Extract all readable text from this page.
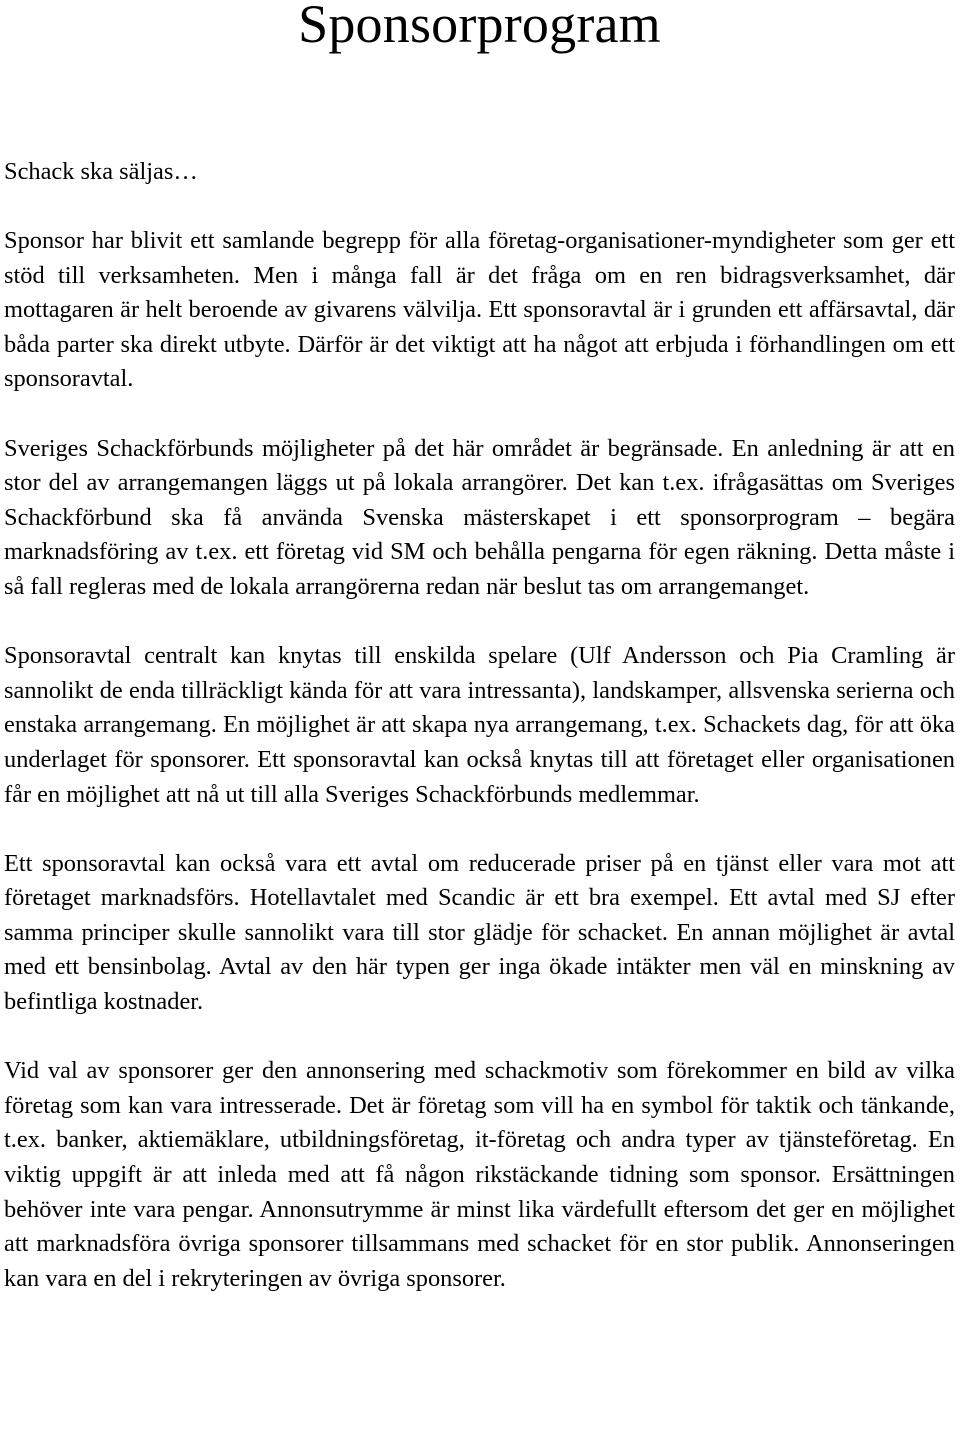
Sponsorprogram

Schack ska säljas…

Sponsor har blivit ett samlande begrepp för alla företag-organisationer-myndigheter som ger ett stöd till verksamheten. Men i många fall är det fråga om en ren bidragsverksamhet, där mottagaren är helt beroende av givarens välvilja. Ett sponsoravtal är i grunden ett affärsavtal, där båda parter ska direkt utbyte. Därför är det viktigt att ha något att erbjuda i förhandlingen om ett sponsoravtal.

Sveriges Schackförbunds möjligheter på det här området är begränsade. En anledning är att en stor del av arrangemangen läggs ut på lokala arrangörer. Det kan t.ex. ifrågasättas om Sveriges Schackförbund ska få använda Svenska mästerskapet i ett sponsorprogram – begära marknadsföring av t.ex. ett företag vid SM och behålla pengarna för egen räkning. Detta måste i så fall regleras med de lokala arrangörerna redan när beslut tas om arrangemanget.

Sponsoravtal centralt kan knytas till enskilda spelare (Ulf Andersson och Pia Cramling är sannolikt de enda tillräckligt kända för att vara intressanta), landskamper, allsvenska serierna och enstaka arrangemang. En möjlighet är att skapa nya arrangemang, t.ex. Schackets dag, för att öka underlaget för sponsorer. Ett sponsoravtal kan också knytas till att företaget eller organisationen får en möjlighet att nå ut till alla Sveriges Schackförbunds medlemmar.

Ett sponsoravtal kan också vara ett avtal om reducerade priser på en tjänst eller vara mot att företaget marknadsförs. Hotellavtalet med Scandic är ett bra exempel. Ett avtal med SJ efter samma principer skulle sannolikt vara till stor glädje för schacket. En annan möjlighet är avtal med ett bensinbolag. Avtal av den här typen ger inga ökade intäkter men väl en minskning av befintliga kostnader.

Vid val av sponsorer ger den annonsering med schackmotiv som förekommer en bild av vilka företag som kan vara intresserade. Det är företag som vill ha en symbol för taktik och tänkande, t.ex. banker, aktiemäklare, utbildningsföretag, it-företag och andra typer av tjänsteföretag. En viktig uppgift är att inleda med att få någon rikstäckande tidning som sponsor. Ersättningen behöver inte vara pengar. Annonsutrymme är minst lika värdefullt eftersom det ger en möjlighet att marknadsföra övriga sponsorer tillsammans med schacket för en stor publik. Annonseringen kan vara en del i rekryteringen av övriga sponsorer.
